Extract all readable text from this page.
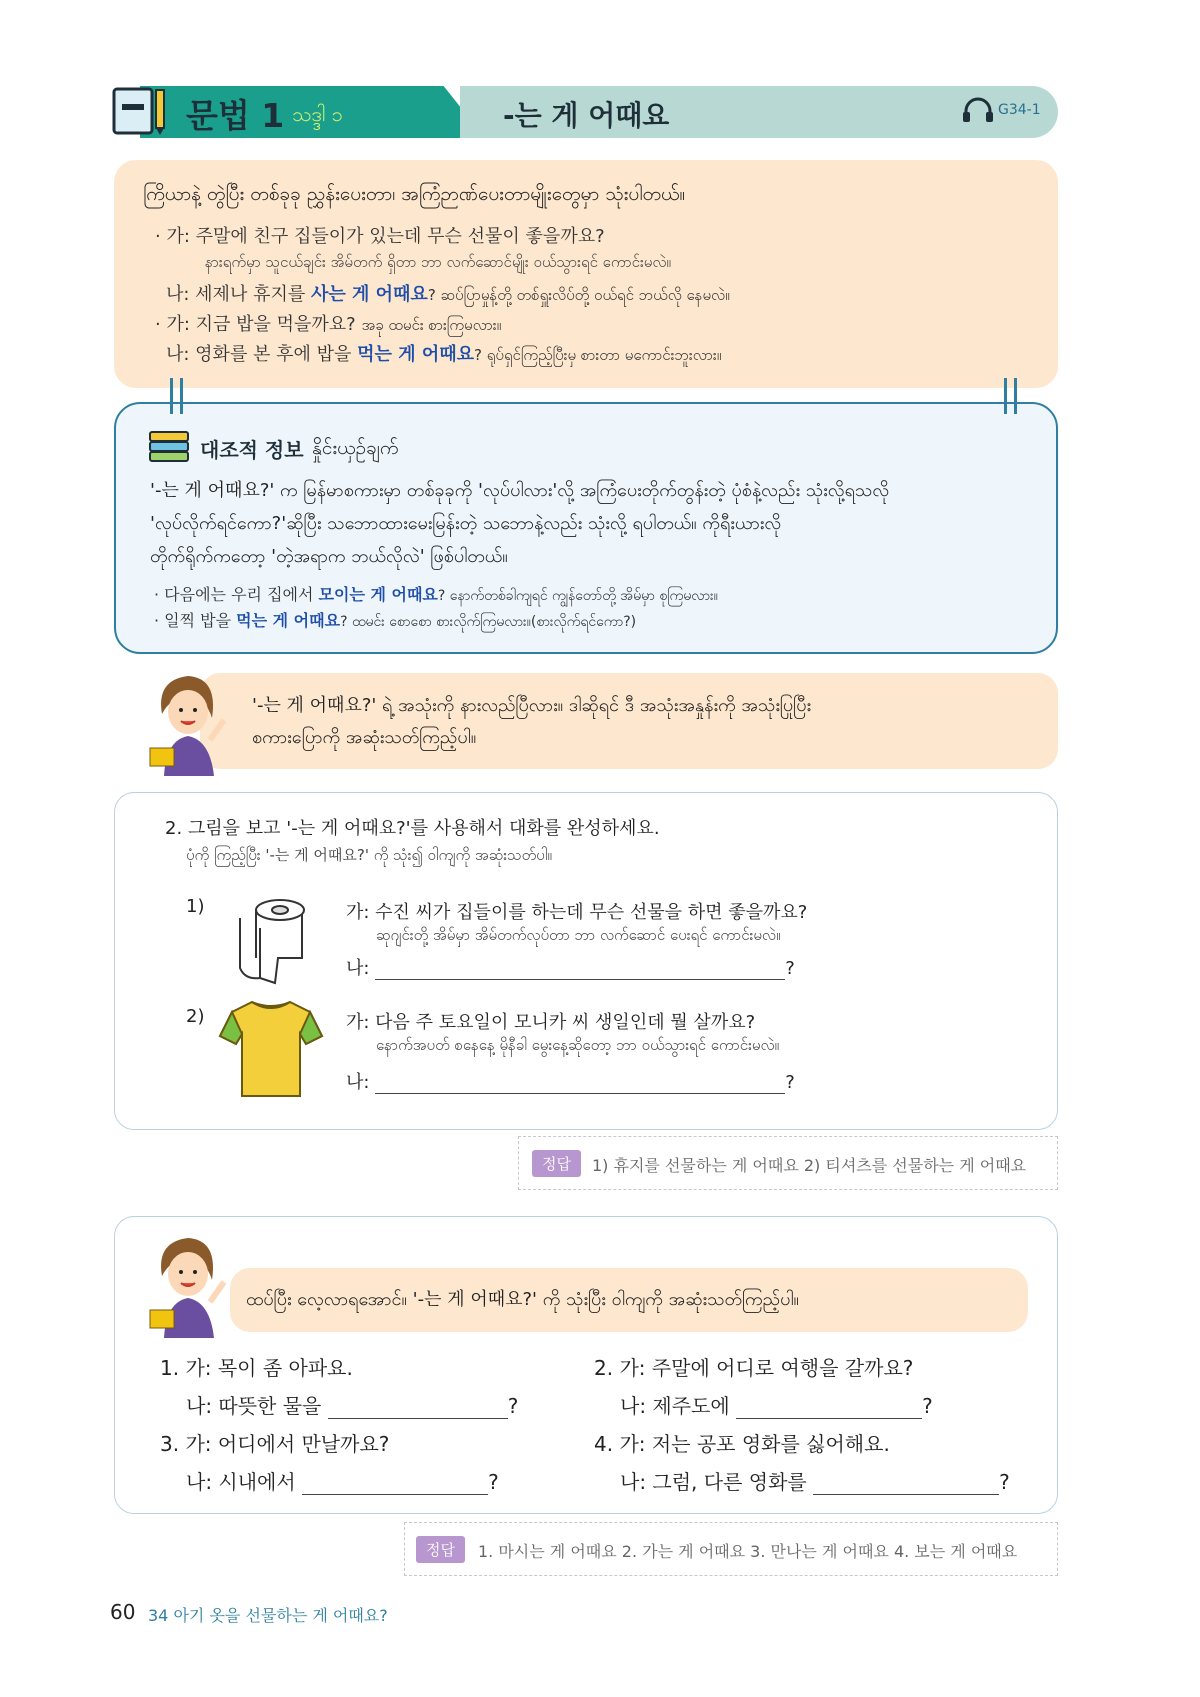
문법 1 သဒ္ဒါ ၁	-는 게 어때요	G34-1
ကြိယာနဲ့ တွဲပြီး တစ်ခုခု ညွှန်းပေးတာ၊ အကြံဉာဏ်ပေးတာမျိုးတွေမှာ သုံးပါတယ်။
· 가: 주말에 친구 집들이가 있는데 무슨 선물이 좋을까요?
နားရက်မှာ သူငယ်ချင်း အိမ်တက် ရှိတာ ဘာ လက်ဆောင်မျိုး ဝယ်သွားရင် ကောင်းမလဲ။
나: 세제나 휴지를 사는 게 어때요? ဆပ်ပြာမှုန့်တို့ တစ်ရှူးလိပ်တို့ ဝယ်ရင် ဘယ်လို နေမလဲ။
· 가: 지금 밥을 먹을까요? အခု ထမင်း စားကြမလား။
나: 영화를 본 후에 밥을 먹는 게 어때요? ရုပ်ရှင်ကြည့်ပြီးမှ စားတာ မကောင်းဘူးလား။
대조적 정보 နှိုင်းယှဉ်ချက်
'-는 게 어때요?' က မြန်မာစကားမှာ တစ်ခုခုကို 'လုပ်ပါလား'လို့ အကြံပေးတိုက်တွန်းတဲ့ ပုံစံနဲ့လည်း သုံးလို့ရသလို
'လုပ်လိုက်ရင်ကော?'ဆိုပြီး သဘောထားမေးမြန်းတဲ့ သဘောနဲ့လည်း သုံးလို့ ရပါတယ်။ ကိုရီးယားလို
တိုက်ရိုက်ကတော့ 'တဲ့အရာက ဘယ်လိုလဲ' ဖြစ်ပါတယ်။
· 다음에는 우리 집에서 모이는 게 어때요? နောက်တစ်ခါကျရင် ကျွန်တော်တို့ အိမ်မှာ စုကြမလား။
· 일찍 밥을 먹는 게 어때요? ထမင်း စောစော စားလိုက်ကြမလား။(စားလိုက်ရင်ကော?)
'-는 게 어때요?' ရဲ့ အသုံးကို နားလည်ပြီလား။ ဒါဆိုရင် ဒီ အသုံးအနှုန်းကို အသုံးပြုပြီး
စကားပြောကို အဆုံးသတ်ကြည့်ပါ။
2. 그림을 보고 '-는 게 어때요?'를 사용해서 대화를 완성하세요.
ပုံကို ကြည့်ပြီး '-는 게 어때요?' ကို သုံး၍ ဝါကျကို အဆုံးသတ်ပါ။
1)	가: 수진 씨가 집들이를 하는데 무슨 선물을 하면 좋을까요?
ဆုဂျင်းတို့ အိမ်မှာ အိမ်တက်လုပ်တာ ဘာ လက်ဆောင် ပေးရင် ကောင်းမလဲ။
나:	?
2)	가: 다음 주 토요일이 모니카 씨 생일인데 뭘 살까요?
နောက်အပတ် စနေနေ့ မိုနီခါ မွေးနေ့ဆိုတော့ ဘာ ဝယ်သွားရင် ကောင်းမလဲ။
나:	?
정답	1) 휴지를 선물하는 게 어때요 2) 티셔츠를 선물하는 게 어때요
ထပ်ပြီး လေ့လာရအောင်။ '-는 게 어때요?' ကို သုံးပြီး ဝါကျကို အဆုံးသတ်ကြည့်ပါ။
1. 가: 목이 좀 아파요.
나: 따뜻한 물을	?
2. 가: 주말에 어디로 여행을 갈까요?
나: 제주도에	?
3. 가: 어디에서 만날까요?
나: 시내에서	?
4. 가: 저는 공포 영화를 싫어해요.
나: 그럼, 다른 영화를	?
정답	1. 마시는 게 어때요 2. 가는 게 어때요 3. 만나는 게 어때요 4. 보는 게 어때요
60 34 아기 옷을 선물하는 게 어때요?
